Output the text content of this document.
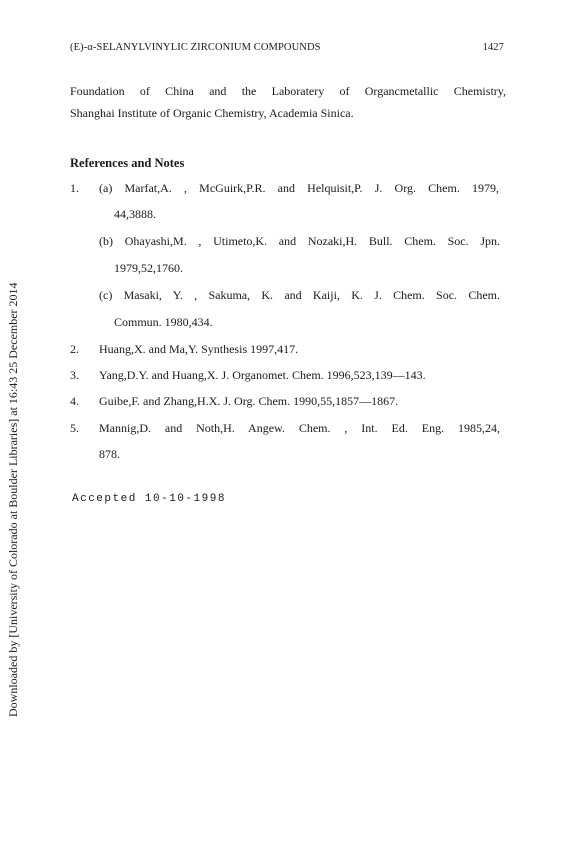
(E)-α-SELANYLVINYLIC ZIRCONIUM COMPOUNDS	1427
Foundation of China and the Laboratery of Organcmetallic Chemistry,
Shanghai Institute of Organic Chemistry, Academia Sinica.
References and Notes
1. (a) Marfat,A. , McGuirk,P.R. and Helquisit,P. J. Org. Chem. 1979,
44,3888.
(b) Ohayashi,M. , Utimeto,K. and Nozaki,H. Bull. Chem. Soc. Jpn.
1979,52,1760.
(c) Masaki, Y. , Sakuma, K. and Kaiji, K. J. Chem. Soc. Chem.
Commun. 1980,434.
2. Huang,X. and Ma,Y. Synthesis 1997,417.
3. Yang,D.Y. and Huang,X. J. Organomet. Chem. 1996,523,139—143.
4. Guibe,F. and Zhang,H.X. J. Org. Chem. 1990,55,1857—1867.
5. Mannig,D. and Noth,H. Angew. Chem. , Int. Ed. Eng. 1985,24,
878.
Accepted 10-10-1998
Downloaded by [University of Colorado at Boulder Libraries] at 16:43 25 December 2014
